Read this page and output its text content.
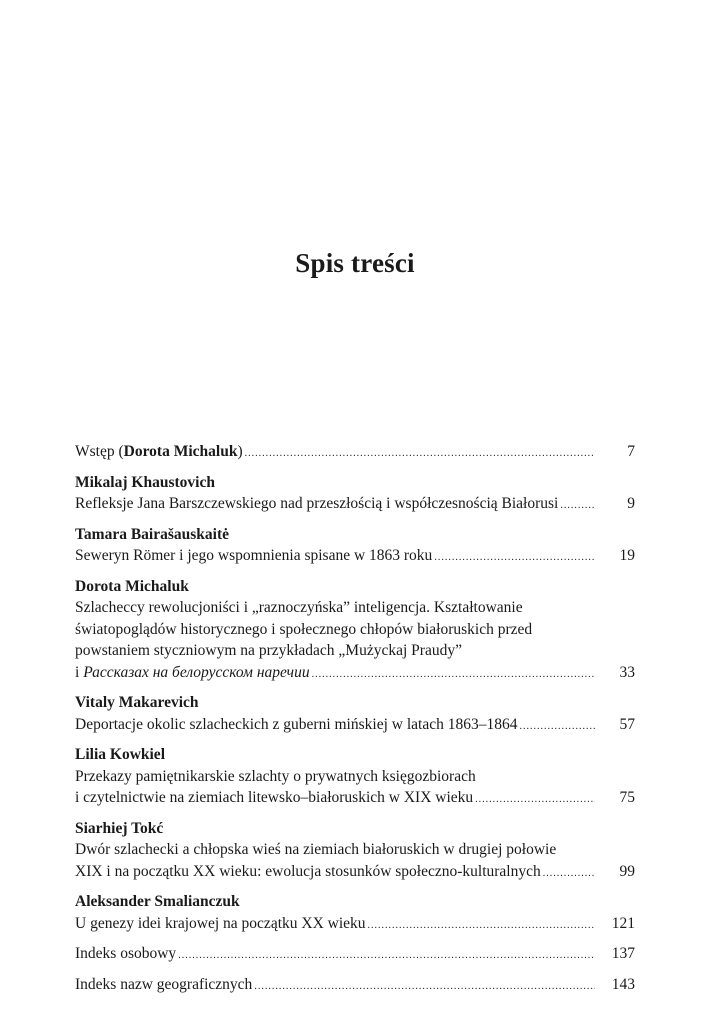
Spis treści
Wstęp (Dorota Michaluk) .....	7
Mikalaj Khaustovich
Refleksje Jana Barszczewskiego nad przeszłością i współczesnością Białorusi .....	9
Tamara Bairašauskaitė
Seweryn Römer i jego wspomnienia spisane w 1863 roku .....	19
Dorota Michaluk
Szlacheccy rewolucjoniści i „raznoczyńska” inteligencja. Kształtowanie
światopoglądów historycznego i społecznego chłopów białoruskich przed
powstaniem styczniowym na przykładach „Mużyckaj Praudy”
i Рассказах на белорусском наречии .....	33
Vitaly Makarevich
Deportacje okolic szlacheckich z guberni mińskiej w latach 1863–1864 .....	57
Lilia Kowkiel
Przekazy pamiętnikarskie szlachty o prywatnych księgozbiorach
i czytelnictwie na ziemiach litewsko–białoruskich w XIX wieku .....	75
Siarhiej Tokć
Dwór szlachecki a chłopska wieś na ziemiach białoruskich w drugiej połowie
XIX i na początku XX wieku: ewolucja stosunków społeczno-kulturalnych .....	99
Aleksander Smalianczuk
U genezy idei krajowej na początku XX wieku .....	121
Indeks osobowy .....	137
Indeks nazw geograficznych .....	143
